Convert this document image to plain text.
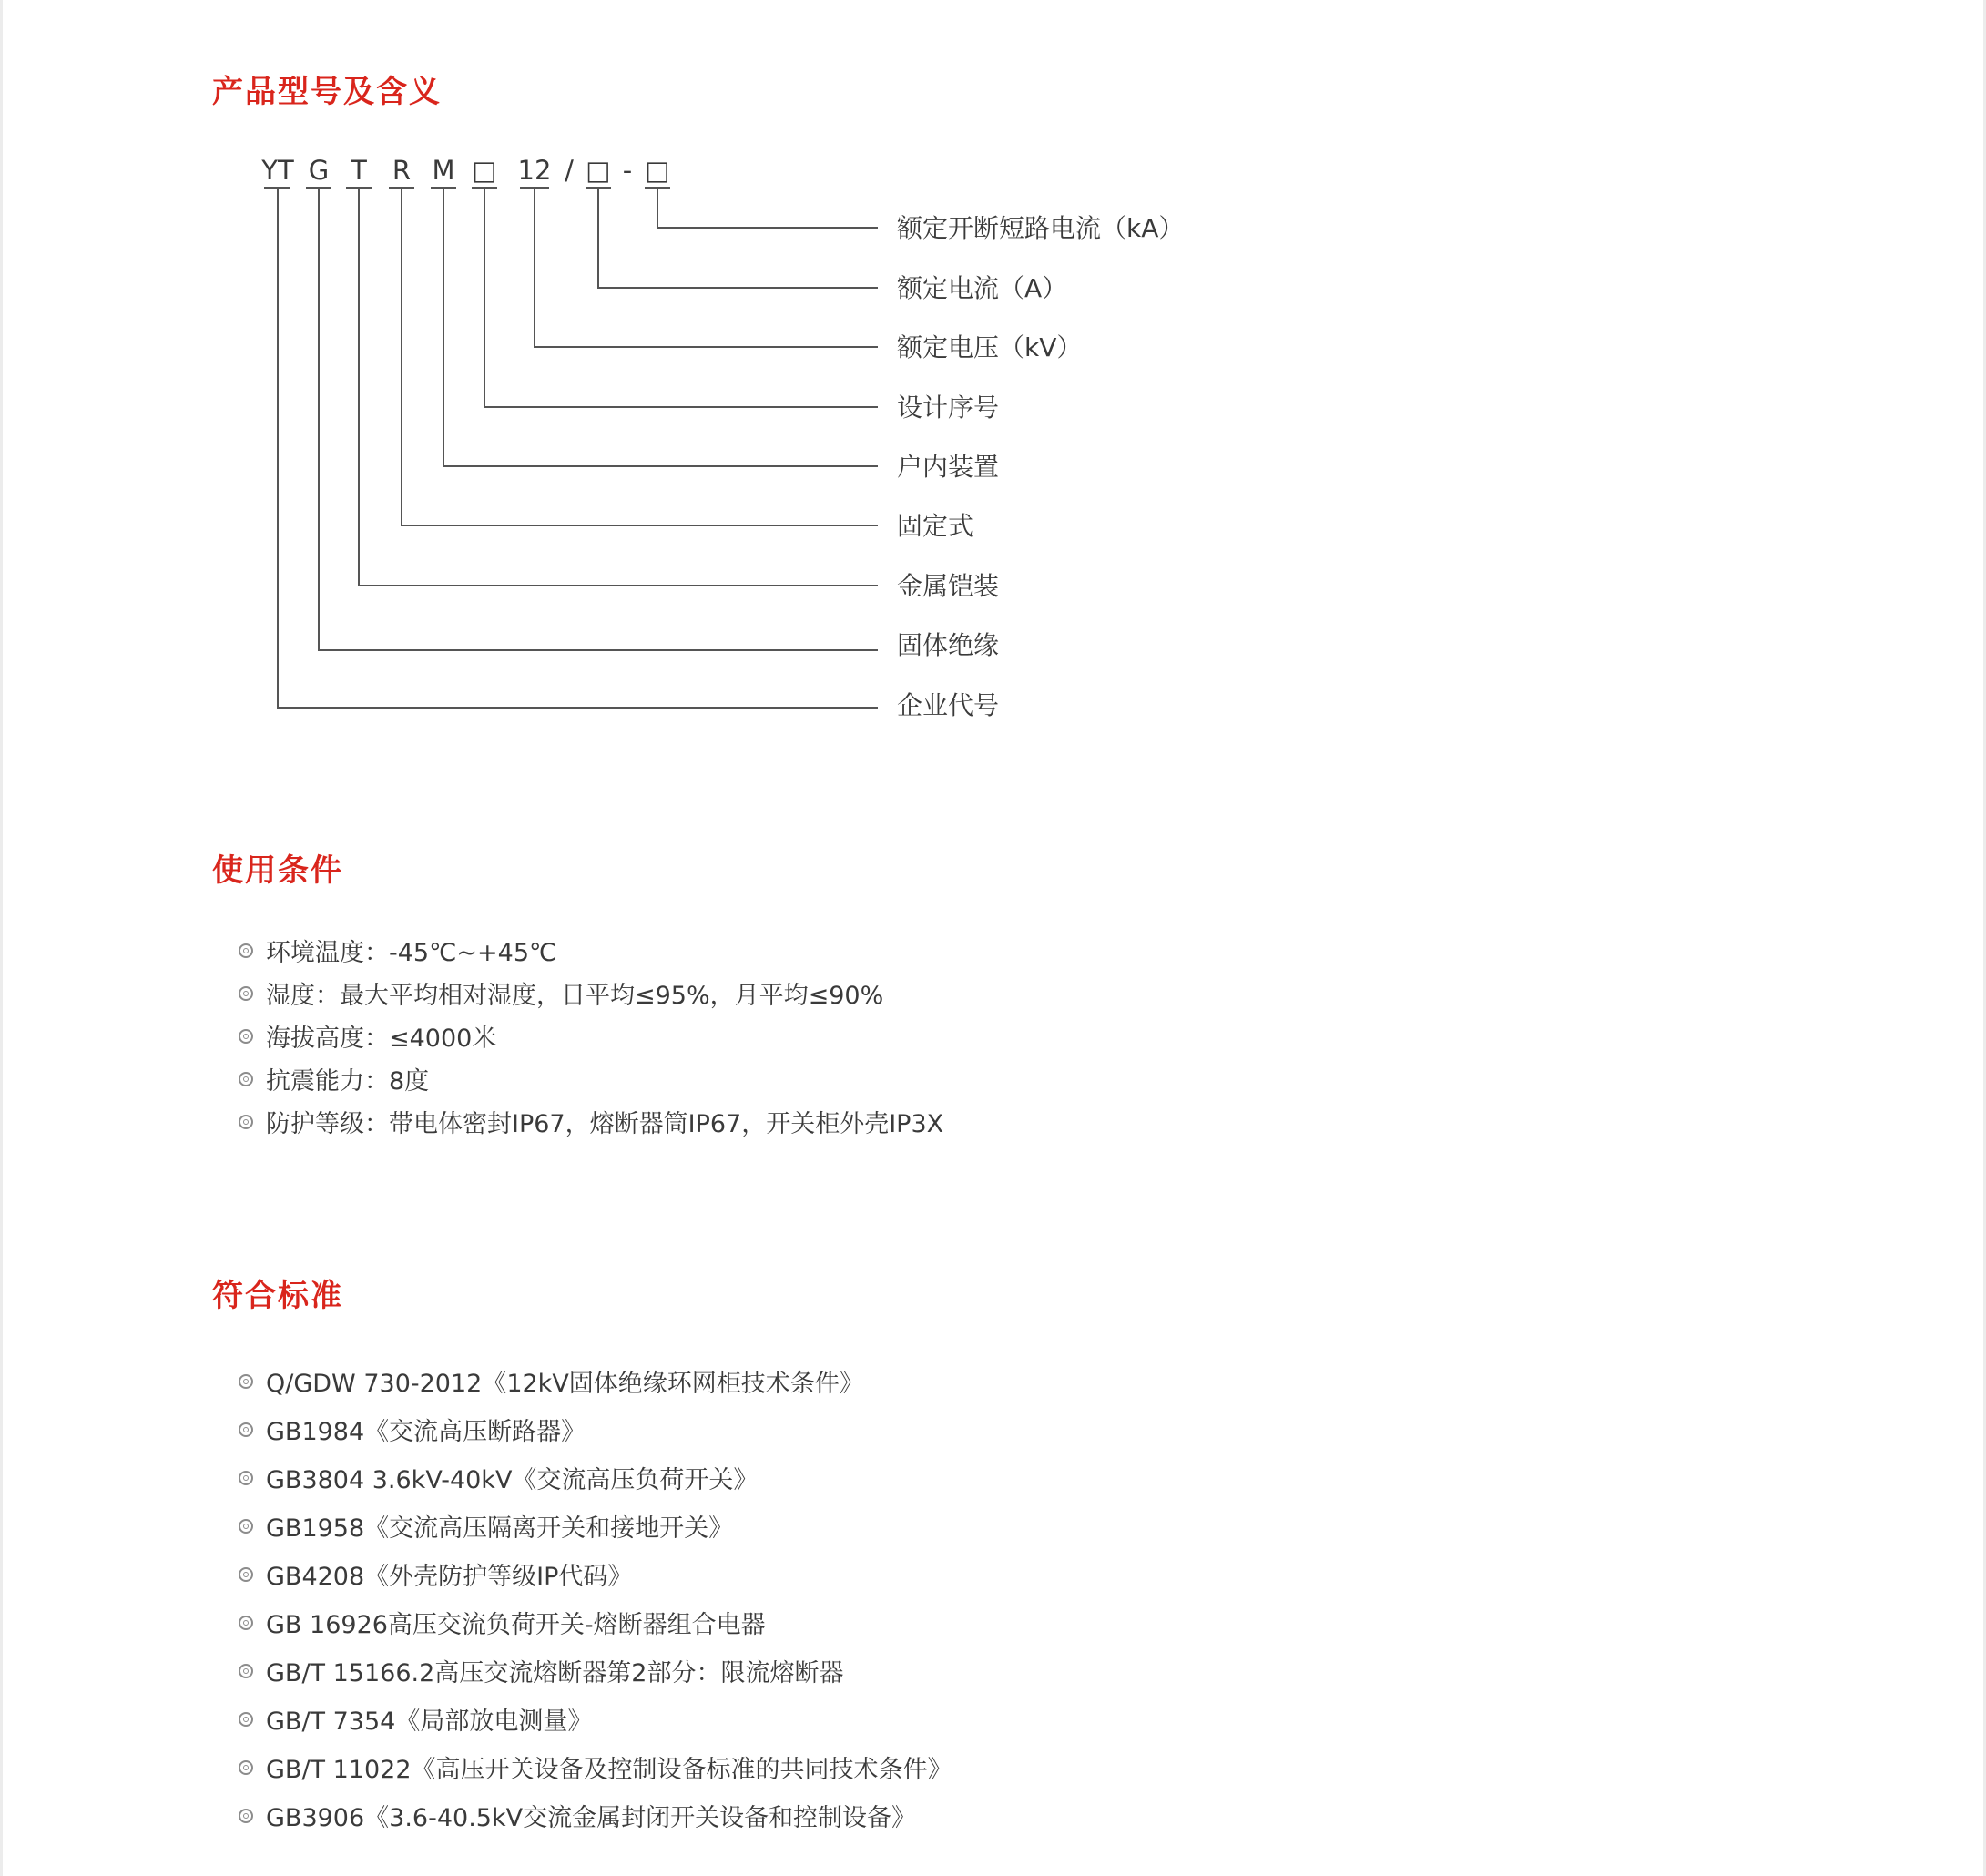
产品型号及含义
YT G T R M □ 12 / □ - □
额定开断短路电流（kA）
额定电流（A）
额定电压（kV）
设计序号
户内装置
固定式
金属铠装
固体绝缘
企业代号
使用条件
环境温度：-45℃~+45℃
湿度：最大平均相对湿度，日平均≤95%，月平均≤90%
海拔高度：≤4000米
抗震能力：8度
防护等级：带电体密封IP67，熔断器筒IP67，开关柜外壳IP3X
符合标准
Q/GDW 730-2012《12kV固体绝缘环网柜技术条件》
GB1984《交流高压断路器》
GB3804 3.6kV-40kV《交流高压负荷开关》
GB1958《交流高压隔离开关和接地开关》
GB4208《外壳防护等级IP代码》
GB 16926高压交流负荷开关-熔断器组合电器
GB/T 15166.2高压交流熔断器第2部分：限流熔断器
GB/T 7354《局部放电测量》
GB/T 11022《高压开关设备及控制设备标准的共同技术条件》
GB3906《3.6-40.5kV交流金属封闭开关设备和控制设备》
